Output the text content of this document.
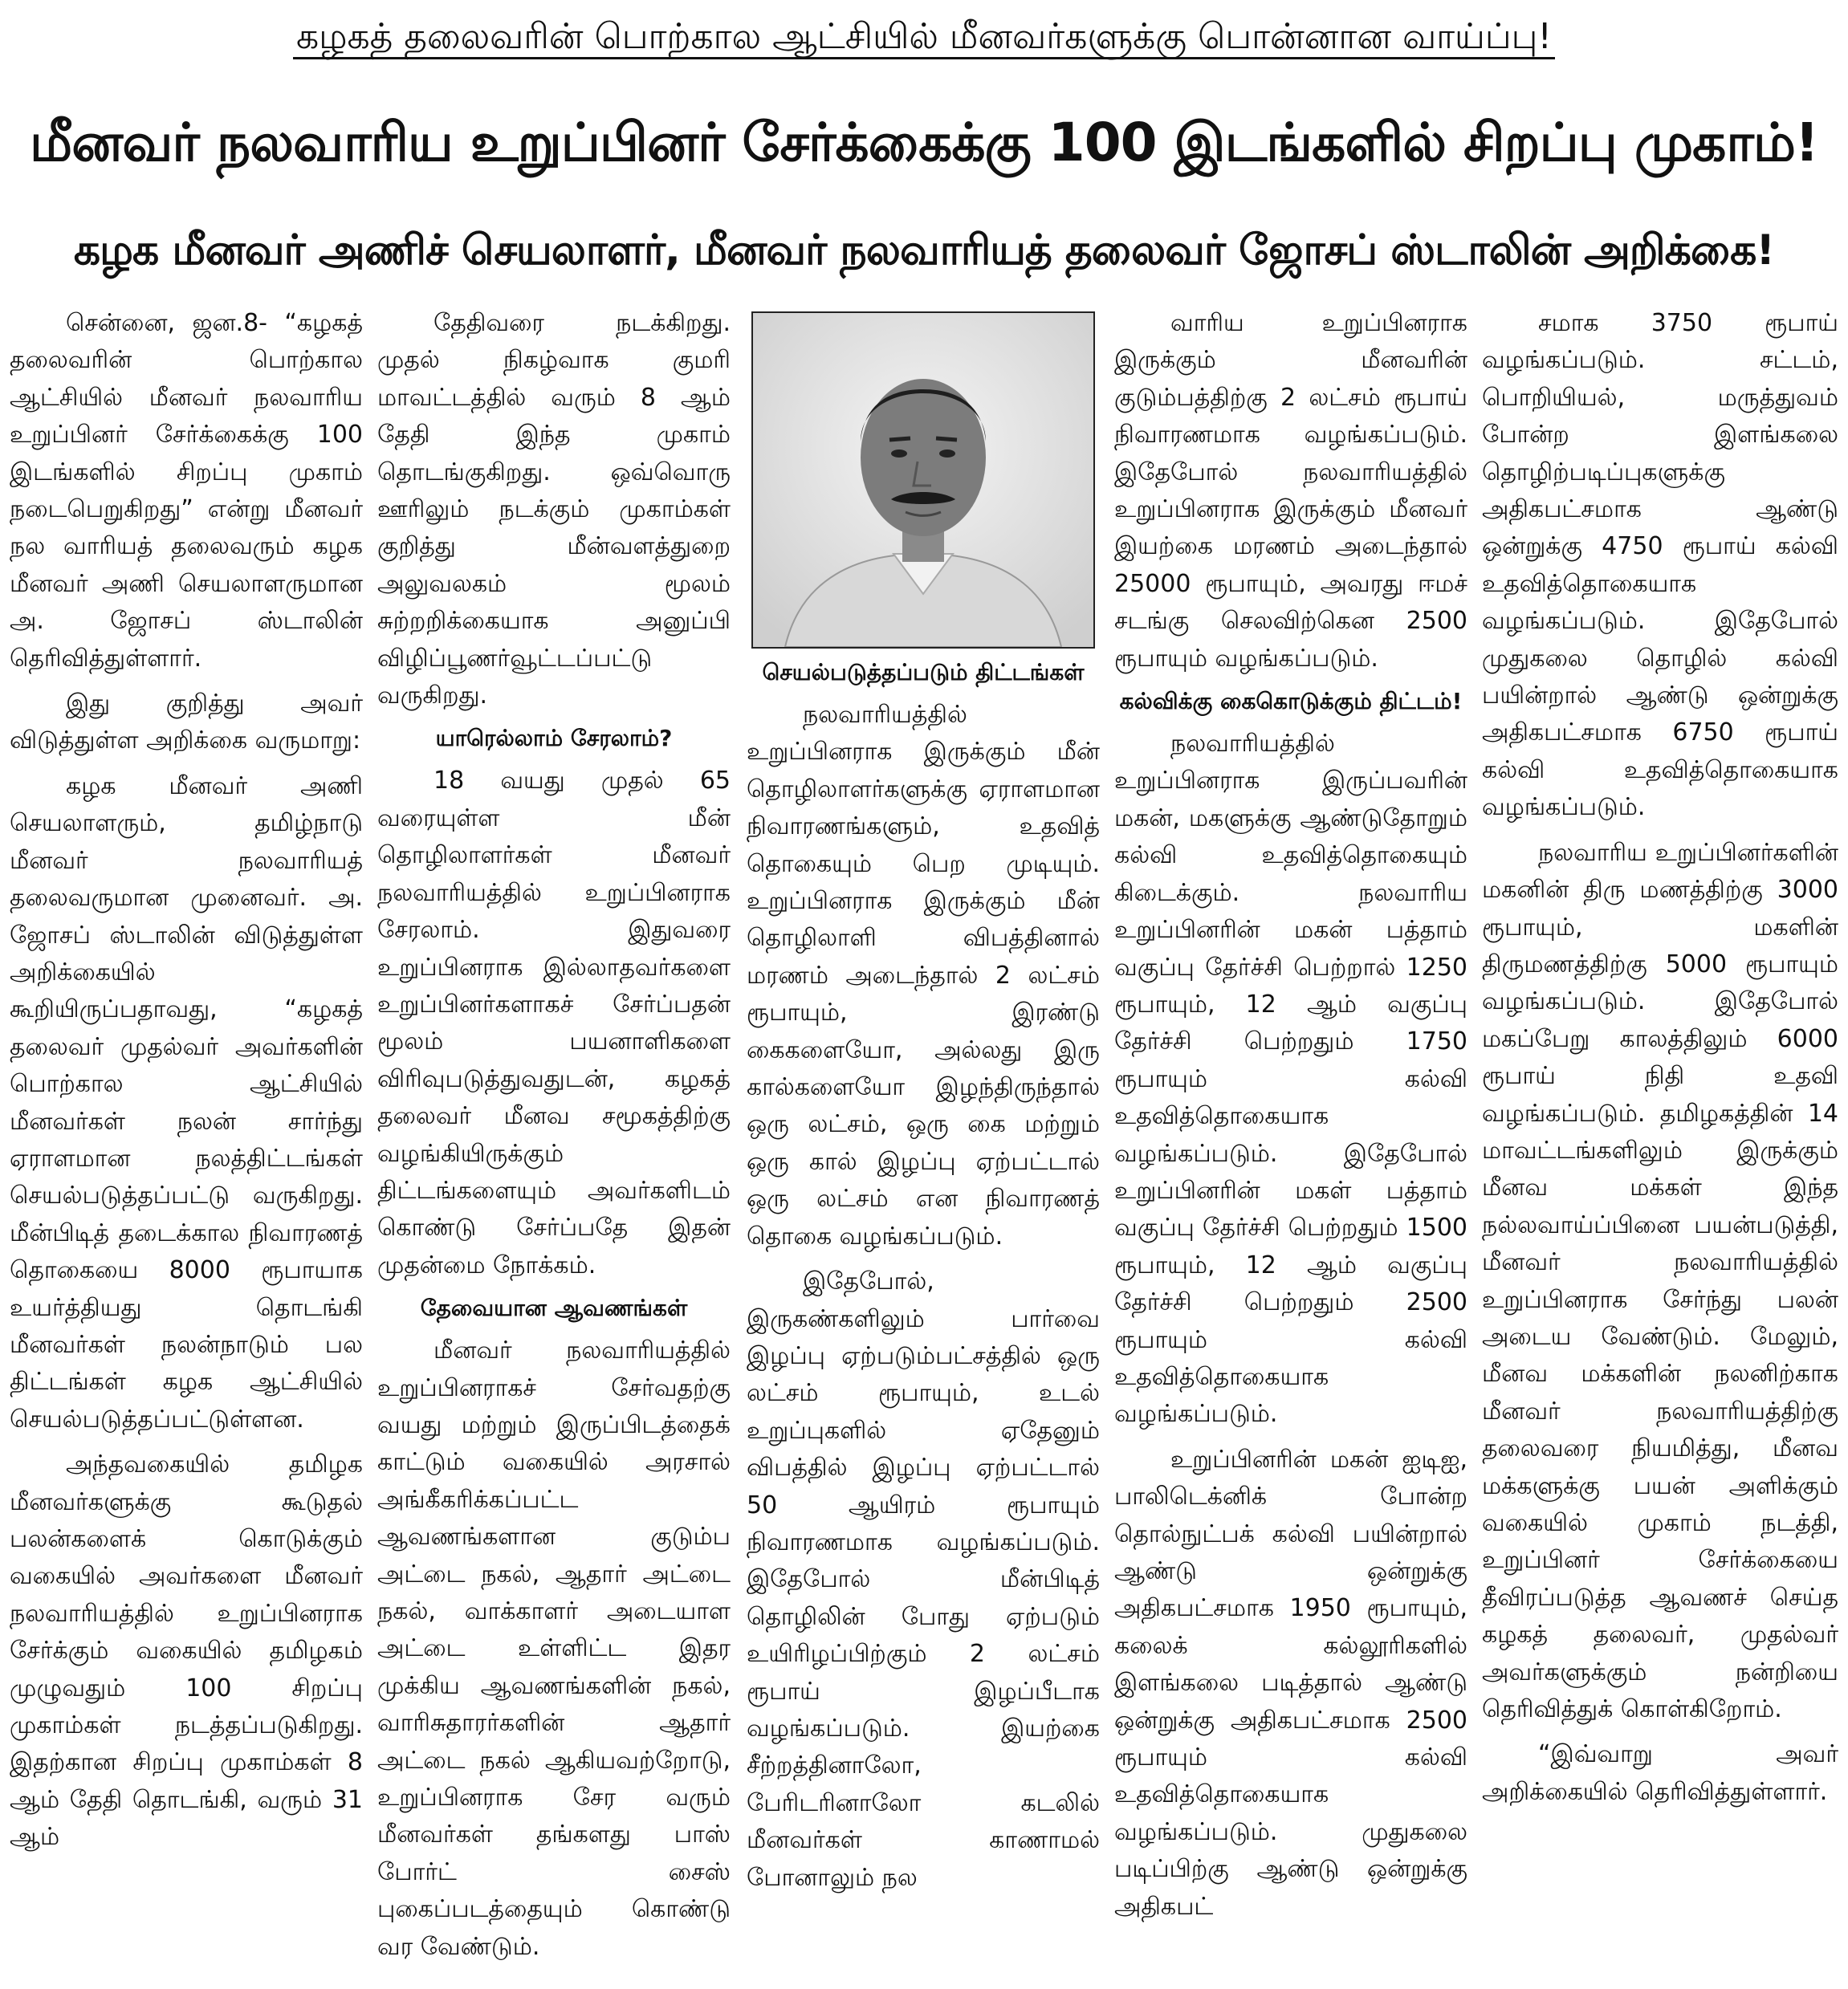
கழகத் தலைவரின் பொற்கால ஆட்சியில் மீனவர்களுக்கு பொன்னான வாய்ப்பு!
மீனவர் நலவாரிய உறுப்பினர் சேர்க்கைக்கு 100 இடங்களில் சிறப்பு முகாம்!
கழக மீனவர் அணிச் செயலாளர், மீனவர் நலவாரியத் தலைவர் ஜோசப் ஸ்டாலின் அறிக்கை!

சென்னை, ஜன.8- “கழகத் தலைவரின் பொற்கால ஆட்சியில் மீனவர் நலவாரிய உறுப்பினர் சேர்க்கைக்கு 100 இடங்களில் சிறப்பு முகாம் நடைபெறுகிறது” என்று மீனவர் நல வாரியத் தலைவரும் கழக மீனவர் அணி செயலாளருமான அ. ஜோசப் ஸ்டாலின் தெரிவித்துள்ளார்.

இது குறித்து அவர் விடுத்துள்ள அறிக்கை வருமாறு:

கழக மீனவர் அணி செயலாளரும், தமிழ்நாடு மீனவர் நலவாரியத் தலைவருமான முனைவர். அ. ஜோசப் ஸ்டாலின் விடுத்துள்ள அறிக்கையில் கூறியிருப்பதாவது, “கழகத் தலைவர் முதல்வர் அவர்களின் பொற்கால ஆட்சியில் மீனவர்கள் நலன் சார்ந்து ஏராளமான நலத்திட்டங்கள் செயல்படுத்தப்பட்டு வருகிறது. மீன்பிடித் தடைக்கால நிவாரணத் தொகையை 8000 ரூபாயாக உயர்த்தியது தொடங்கி மீனவர்கள் நலன்நாடும் பல திட்டங்கள் கழக ஆட்சியில் செயல்படுத்தப்பட்டுள்ளன.

அந்தவகையில் தமிழக மீனவர்களுக்கு கூடுதல் பலன்களைக் கொடுக்கும் வகையில் அவர்களை மீனவர் நலவாரியத்தில் உறுப்பினராக சேர்க்கும் வகையில் தமிழகம் முழுவதும் 100 சிறப்பு முகாம்கள் நடத்தப்படுகிறது. இதற்கான சிறப்பு முகாம்கள் 8 ஆம் தேதி தொடங்கி, வரும் 31 ஆம்

தேதிவரை நடக்கிறது. முதல் நிகழ்வாக குமரி மாவட்டத்தில் வரும் 8 ஆம் தேதி இந்த முகாம் தொடங்குகிறது. ஒவ்வொரு ஊரிலும் நடக்கும் முகாம்கள் குறித்து மீன்வளத்துறை அலுவலகம் மூலம் சுற்றறிக்கையாக அனுப்பி விழிப்பூணர்வூட்டப்பட்டு வருகிறது.

யாரெல்லாம் சேரலாம்?

18 வயது முதல் 65 வரையுள்ள மீன் தொழிலாளர்கள் மீனவர் நலவாரியத்தில் உறுப்பினராக சேரலாம். இதுவரை உறுப்பினராக இல்லாதவர்களை உறுப்பினர்களாகச் சேர்ப்பதன் மூலம் பயனாளிகளை விரிவுபடுத்துவதுடன், கழகத் தலைவர் மீனவ சமூகத்திற்கு வழங்கியிருக்கும் திட்டங்களையும் அவர்களிடம் கொண்டு சேர்ப்பதே இதன் முதன்மை நோக்கம்.

தேவையான ஆவணங்கள்

மீனவர் நலவாரியத்தில் உறுப்பினராகச் சேர்வதற்கு வயது மற்றும் இருப்பிடத்தைக் காட்டும் வகையில் அரசால் அங்கீகரிக்கப்பட்ட ஆவணங்களான குடும்ப அட்டை நகல், ஆதார் அட்டை நகல், வாக்காளர் அடையாள அட்டை உள்ளிட்ட இதர முக்கிய ஆவணங்களின் நகல், வாரிசுதாரர்களின் ஆதார் அட்டை நகல் ஆகியவற்றோடு, உறுப்பினராக சேர வரும் மீனவர்கள் தங்களது பாஸ் போர்ட் சைஸ் புகைப்படத்தையும் கொண்டு வர வேண்டும்.

செயல்படுத்தப்படும் திட்டங்கள்

நலவாரியத்தில் உறுப்பினராக இருக்கும் மீன் தொழிலாளர்களுக்கு ஏராளமான நிவாரணங்களும், உதவித் தொகையும் பெற முடியும். உறுப்பினராக இருக்கும் மீன் தொழிலாளி விபத்தினால் மரணம் அடைந்தால் 2 லட்சம் ரூபாயும், இரண்டு கைகளையோ, அல்லது இரு கால்களையோ இழந்திருந்தால் ஒரு லட்சம், ஒரு கை மற்றும் ஒரு கால் இழப்பு ஏற்பட்டால் ஒரு லட்சம் என நிவாரணத் தொகை வழங்கப்படும்.

இதேபோல், இருகண்களிலும் பார்வை இழப்பு ஏற்படும்பட்சத்தில் ஒரு லட்சம் ரூபாயும், உடல் உறுப்புகளில் ஏதேனும் விபத்தில் இழப்பு ஏற்பட்டால் 50 ஆயிரம் ரூபாயும் நிவாரணமாக வழங்கப்படும். இதேபோல் மீன்பிடித் தொழிலின் போது ஏற்படும் உயிரிழப்பிற்கும் 2 லட்சம் ரூபாய் இழப்பீடாக வழங்கப்படும். இயற்கை சீற்றத்தினாலோ, பேரிடரினாலோ கடலில் மீனவர்கள் காணாமல் போனாலும் நல

வாரிய உறுப்பினராக இருக்கும் மீனவரின் குடும்பத்திற்கு 2 லட்சம் ரூபாய் நிவாரணமாக வழங்கப்படும். இதேபோல் நலவாரியத்தில் உறுப்பினராக இருக்கும் மீனவர் இயற்கை மரணம் அடைந்தால் 25000 ரூபாயும், அவரது ஈமச் சடங்கு செலவிற்கென 2500 ரூபாயும் வழங்கப்படும்.

கல்விக்கு கைகொடுக்கும் திட்டம்!

நலவாரியத்தில் உறுப்பினராக இருப்பவரின் மகன், மகளுக்கு ஆண்டுதோறும் கல்வி உதவித்தொகையும் கிடைக்கும். நலவாரிய உறுப்பினரின் மகன் பத்தாம் வகுப்பு தேர்ச்சி பெற்றால் 1250 ரூபாயும், 12 ஆம் வகுப்பு தேர்ச்சி பெற்றதும் 1750 ரூபாயும் கல்வி உதவித்தொகையாக வழங்கப்படும். இதேபோல் உறுப்பினரின் மகள் பத்தாம் வகுப்பு தேர்ச்சி பெற்றதும் 1500 ரூபாயும், 12 ஆம் வகுப்பு தேர்ச்சி பெற்றதும் 2500 ரூபாயும் கல்வி உதவித்தொகையாக வழங்கப்படும்.

உறுப்பினரின் மகன் ஐடிஐ, பாலிடெக்னிக் போன்ற தொல்நுட்பக் கல்வி பயின்றால் ஆண்டு ஒன்றுக்கு அதிகபட்சமாக 1950 ரூபாயும், கலைக் கல்லூரிகளில் இளங்கலை படித்தால் ஆண்டு ஒன்றுக்கு அதிகபட்சமாக 2500 ரூபாயும் கல்வி உதவித்தொகையாக வழங்கப்படும். முதுகலை படிப்பிற்கு ஆண்டு ஒன்றுக்கு அதிகபட்

சமாக 3750 ரூபாய் வழங்கப்படும். சட்டம், பொறியியல், மருத்துவம் போன்ற இளங்கலை தொழிற்படிப்புகளுக்கு அதிகபட்சமாக ஆண்டு ஒன்றுக்கு 4750 ரூபாய் கல்வி உதவித்தொகையாக வழங்கப்படும். இதேபோல் முதுகலை தொழில் கல்வி பயின்றால் ஆண்டு ஒன்றுக்கு அதிகபட்சமாக 6750 ரூபாய் கல்வி உதவித்தொகையாக வழங்கப்படும்.

நலவாரிய உறுப்பினர்களின் மகனின் திரு மணத்திற்கு 3000 ரூபாயும், மகளின் திருமணத்திற்கு 5000 ரூபாயும் வழங்கப்படும். இதேபோல் மகப்பேறு காலத்திலும் 6000 ரூபாய் நிதி உதவி வழங்கப்படும். தமிழகத்தின் 14 மாவட்டங்களிலும் இருக்கும் மீனவ மக்கள் இந்த நல்லவாய்ப்பினை பயன்படுத்தி, மீனவர் நலவாரியத்தில் உறுப்பினராக சேர்ந்து பலன் அடைய வேண்டும். மேலும், மீனவ மக்களின் நலனிற்காக மீனவர் நலவாரியத்திற்கு தலைவரை நியமித்து, மீனவ மக்களுக்கு பயன் அளிக்கும் வகையில் முகாம் நடத்தி, உறுப்பினர் சேர்க்கையை தீவிரப்படுத்த ஆவணச் செய்த கழகத் தலைவர், முதல்வர் அவர்களுக்கும் நன்றியை தெரிவித்துக் கொள்கிறோம்.

“இவ்வாறு அவர் அறிக்கையில் தெரிவித்துள்ளார்.
